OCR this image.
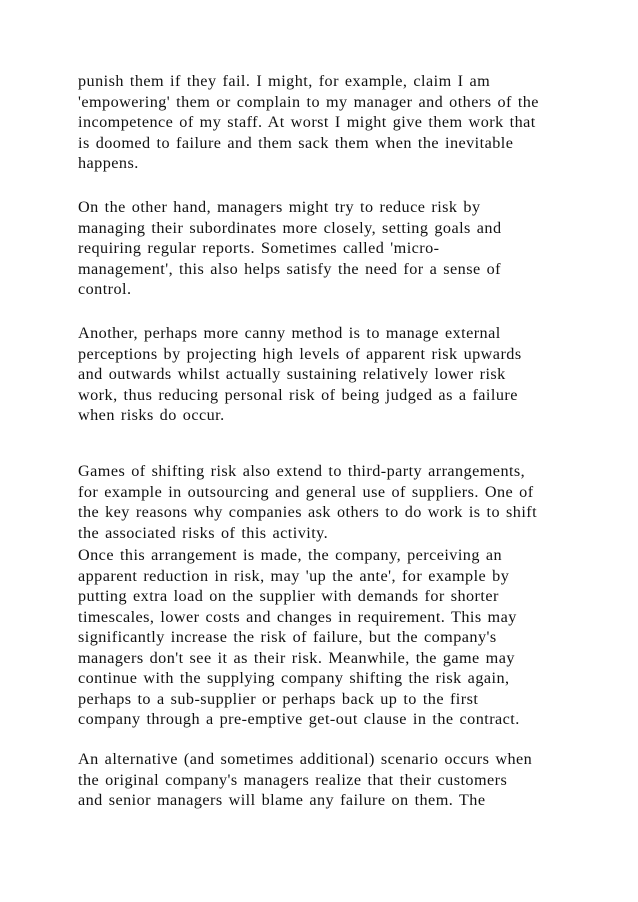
punish them if they fail. I might, for example, claim I am
'empowering' them or complain to my manager and others of the
incompetence of my staff. At worst I might give them work that
is doomed to failure and them sack them when the inevitable
happens.
On the other hand, managers might try to reduce risk by
managing their subordinates more closely, setting goals and
requiring regular reports. Sometimes called 'micro-
management', this also helps satisfy the need for a sense of
control.
Another, perhaps more canny method is to manage external
perceptions by projecting high levels of apparent risk upwards
and outwards whilst actually sustaining relatively lower risk
work, thus reducing personal risk of being judged as a failure
when risks do occur.
Games of shifting risk also extend to third-party arrangements,
for example in outsourcing and general use of suppliers. One of
the key reasons why companies ask others to do work is to shift
the associated risks of this activity.
Once this arrangement is made, the company, perceiving an
apparent reduction in risk, may 'up the ante', for example by
putting extra load on the supplier with demands for shorter
timescales, lower costs and changes in requirement. This may
significantly increase the risk of failure, but the company's
managers don't see it as their risk. Meanwhile, the game may
continue with the supplying company shifting the risk again,
perhaps to a sub-supplier or perhaps back up to the first
company through a pre-emptive get-out clause in the contract.
An alternative (and sometimes additional) scenario occurs when
the original company's managers realize that their customers
and senior managers will blame any failure on them. The
